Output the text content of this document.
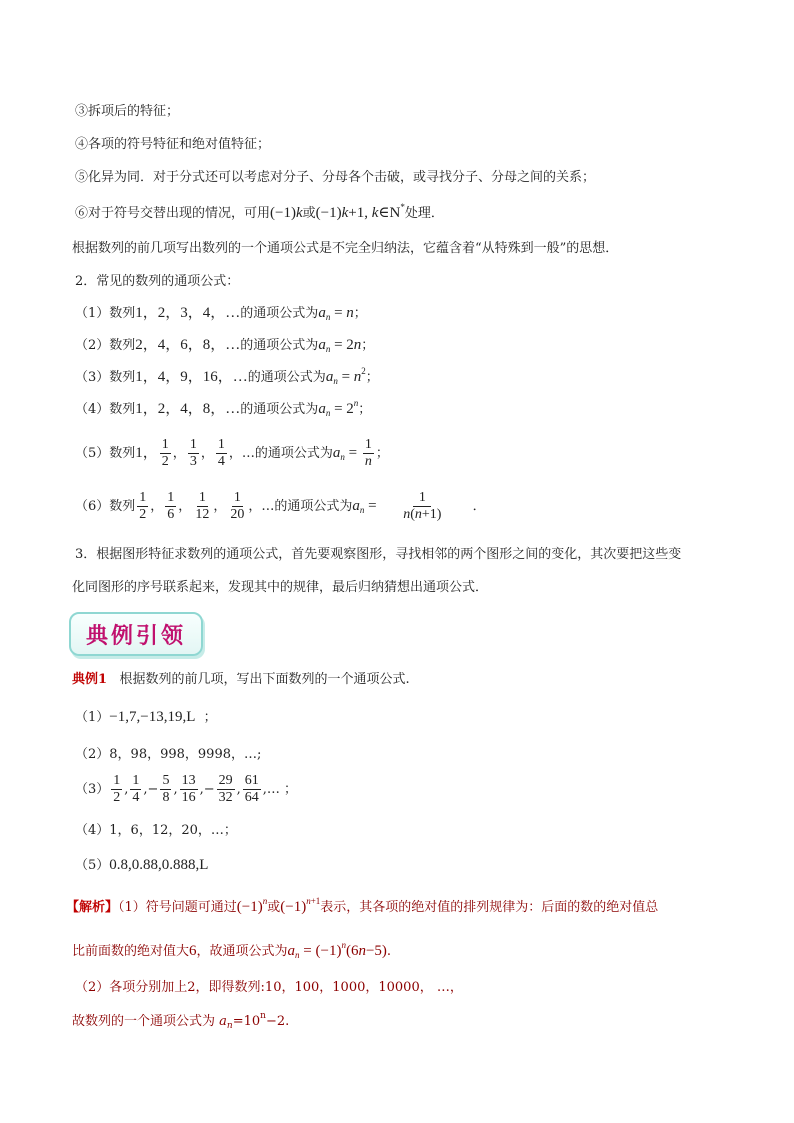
③拆项后的特征；
④各项的符号特征和绝对值特征；
⑤化异为同．对于分式还可以考虑对分子、分母各个击破，或寻找分子、分母之间的关系；
⑥对于符号交替出现的情况，可用(−1)k或(−1)k+1, k∈N*处理．
根据数列的前几项写出数列的一个通项公式是不完全归纳法，它蕴含着“从特殊到一般”的思想．
2．常见的数列的通项公式：
（1）数列1，2，3，4，…的通项公式为$a_n = n$；
（2）数列2，4，6，8，…的通项公式为$a_n = 2n$；
（3）数列1，4，9，16，…的通项公式为$a_n = n^2$；
（4）数列1，2，4，8，…的通项公式为$a_n = 2^n$；
（5）数列1， $\frac{1}{2}$ ， $\frac{1}{3}$ ， $\frac{1}{4}$ ，…的通项公式为$a_n = \frac{1}{n}$ ；
（6）数列 $\frac{1}{2}$ ， $\frac{1}{6}$ ， $\frac{1}{12}$ ， $\frac{1}{20}$ ，…的通项公式为$a_n = \frac{1}{n(n+1)}$ ．
3．根据图形特征求数列的通项公式，首先要观察图形，寻找相邻的两个图形之间的变化，其次要把这些变
化同图形的序号联系起来，发现其中的规律，最后归纳猜想出通项公式．
典例引领
典例1 根据数列的前几项，写出下面数列的一个通项公式.
（1）−1,7,−13,19,L ；
（2）8，98，998，9998，…;
$(3) \frac{1}{2}$ , $\frac{1}{4}$ ,− $\frac{5}{8}$ , $\frac{13}{16}$ ,− $\frac{29}{32}$ , $\frac{61}{64}$ ,… ；
（4）1，6，12，20，…；
（5）0.8,0.88,0.888,L
【解析】（1）符号问题可通过$(-1)^n$或$(-1)^{n+1}$表示，其各项的绝对值的排列规律为：后面的数的绝对值总
比前面数的绝对值大6，故通项公式为$a_n = (-1)^n(6n-5)$.
（2）各项分别加上2，即得数列:10，100，1000，10000， …，
故数列的一个通项公式为 $a_n=10^n-2$.
